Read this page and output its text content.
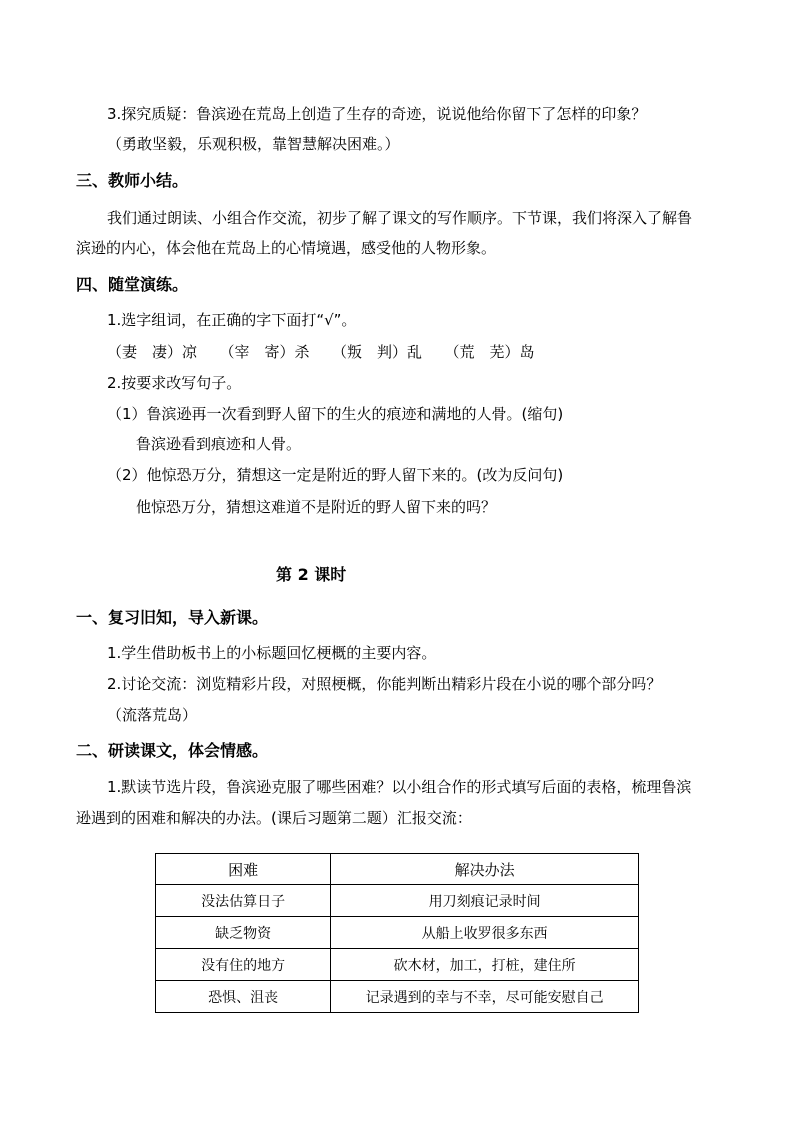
3.探究质疑：鲁滨逊在荒岛上创造了生存的奇迹，说说他给你留下了怎样的印象？
（勇敢坚毅，乐观积极，靠智慧解决困难。）
三、教师小结。
我们通过朗读、小组合作交流，初步了解了课文的写作顺序。下节课，我们将深入了解鲁
滨逊的内心，体会他在荒岛上的心情境遇，感受他的人物形象。
四、随堂演练。
1.选字组词，在正确的字下面打“√”。
（妻　凄）凉　　（宰　寄）杀　　（叛　判）乱　　（荒　芜）岛
2.按要求改写句子。
（1）鲁滨逊再一次看到野人留下的生火的痕迹和满地的人骨。(缩句)
鲁滨逊看到痕迹和人骨。
（2）他惊恐万分，猜想这一定是附近的野人留下来的。(改为反问句)
他惊恐万分，猜想这难道不是附近的野人留下来的吗？
第 2 课时
一、复习旧知，导入新课。
1.学生借助板书上的小标题回忆梗概的主要内容。
2.讨论交流：浏览精彩片段，对照梗概，你能判断出精彩片段在小说的哪个部分吗？
（流落荒岛）
二、研读课文，体会情感。
1.默读节选片段，鲁滨逊克服了哪些困难？以小组合作的形式填写后面的表格，梳理鲁滨
逊遇到的困难和解决的办法。(课后习题第二题）汇报交流：
困难	解决办法
没法估算日子	用刀刻痕记录时间
缺乏物资	从船上收罗很多东西
没有住的地方	砍木材，加工，打桩，建住所
恐惧、沮丧	记录遇到的幸与不幸，尽可能安慰自己
